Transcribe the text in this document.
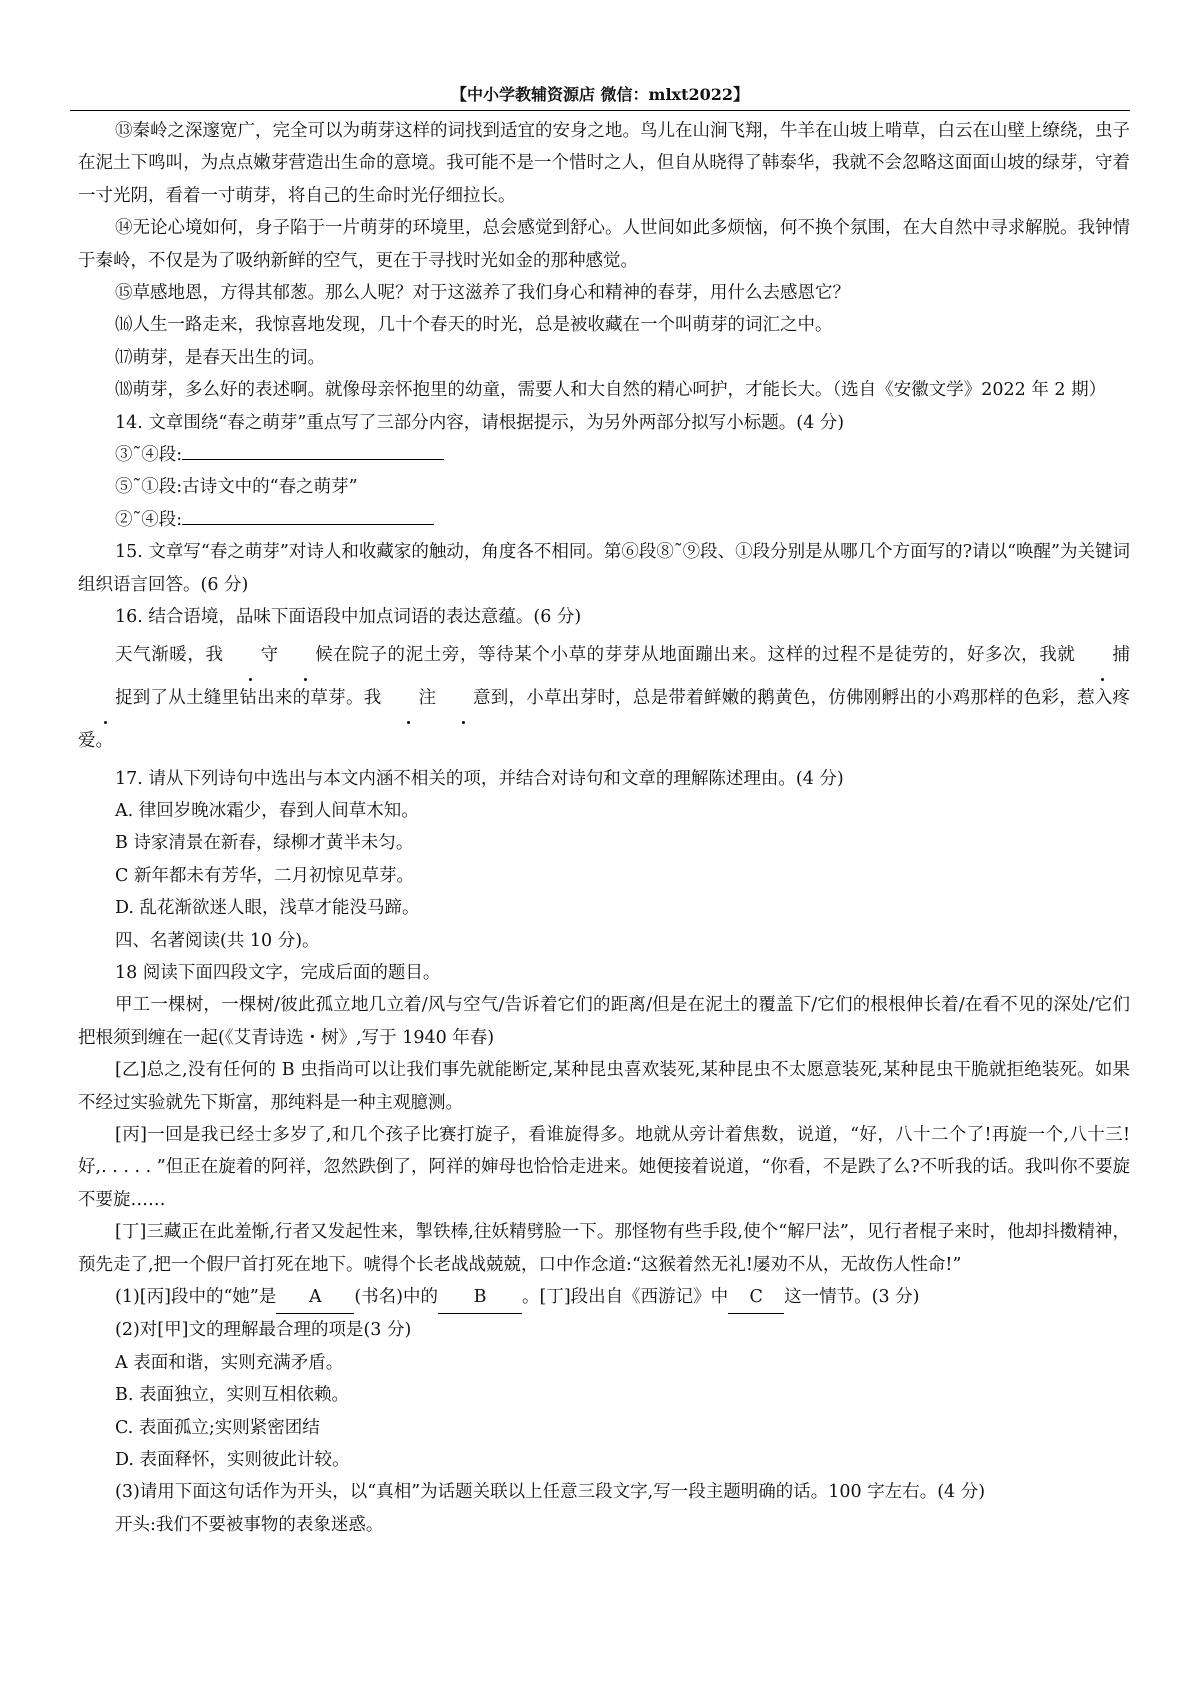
【中小学教辅资源店 微信：mlxt2022】

⑬秦岭之深邃宽广，完全可以为萌芽这样的词找到适宜的安身之地。鸟儿在山涧飞翔，牛羊在山坡上啃草，白云在山壁上缭绕，虫子在泥土下鸣叫，为点点嫩芽营造出生命的意境。我可能不是一个惜时之人，但自从晓得了韩泰华，我就不会忽略这面面山坡的绿芽，守着一寸光阴，看着一寸萌芽，将自己的生命时光仔细拉长。

⑭无论心境如何，身子陷于一片萌芽的环境里，总会感觉到舒心。人世间如此多烦恼，何不换个氛围，在大自然中寻求解脱。我钟情于秦岭，不仅是为了吸纳新鲜的空气，更在于寻找时光如金的那种感觉。

⑮草感地恩，方得其郁葱。那么人呢？对于这滋养了我们身心和精神的春芽，用什么去感恩它？

⒃人生一路走来，我惊喜地发现，几十个春天的时光，总是被收藏在一个叫萌芽的词汇之中。

⒄萌芽，是春天出生的词。

⒅萌芽，多么好的表述啊。就像母亲怀抱里的幼童，需要人和大自然的精心呵护，才能长大。（选自《安徽文学》2022 年 2 期）

14. 文章围绕“春之萌芽”重点写了三部分内容，请根据提示，为另外两部分拟写小标题。(4 分)

③˜④段:

⑤˜①段:古诗文中的“春之萌芽”

②˜④段:

15. 文章写“春之萌芽”对诗人和收藏家的触动，角度各不相同。第⑥段⑧˜⑨段、①段分别是从哪几个方面写的?请以“唤醒”为关键词组织语言回答。(6 分)

16. 结合语境，品味下面语段中加点词语的表达意蕴。(6 分)

天气渐暖，我 守 候在院子的泥土旁，等待某个小草的芽芽从地面蹦出来。这样的过程不是徒劳的，好多次，我就 捕捉到了从土缝里钻出来的草芽。我 注 意到，小草出芽时，总是带着鲜嫩的鹅黄色，仿佛刚孵出的小鸡那样的色彩，惹入疼爱。

17. 请从下列诗句中选出与本文内涵不相关的项，并结合对诗句和文章的理解陈述理由。(4 分)

A. 律回岁晚冰霜少，春到人间草木知。

B 诗家清景在新春，绿柳才黄半未匀。

C 新年都未有芳华，二月初惊见草芽。

D. 乱花渐欲迷人眼，浅草才能没马蹄。

四、名著阅读(共 10 分)。

18 阅读下面四段文字，完成后面的题目。

甲工一棵树，一棵树/彼此孤立地几立着/风与空气/告诉着它们的距离/但是在泥土的覆盖下/它们的根根伸长着/在看不见的深处/它们把根须到缠在一起(《艾青诗选・树》,写于 1940 年春)

[乙]总之,没有任何的 B 虫指尚可以让我们事先就能断定,某种昆虫喜欢装死,某种昆虫不太愿意装死,某种昆虫干脆就拒绝装死。如果不经过实验就先下斯富，那纯料是一种主观臆测。

[丙]一回是我已经士多岁了,和几个孩子比赛打旋子，看谁旋得多。地就从旁计着焦数，说道，“好，八十二个了!再旋一个,八十三!好,. . . . . ”但正在旋着的阿祥，忽然跌倒了，阿祥的婶母也恰恰走进来。她便接着说道，“你看，不是跌了么?不听我的话。我叫你不要旋不要旋……

[丁]三藏正在此羞惭,行者又发起性来，掣铁棒,往妖精劈脸一下。那怪物有些手段,使个“解尸法”，见行者棍子来时，他却抖擞精神，预先走了,把一个假尸首打死在地下。唬得个长老战战兢兢，口中作念道:“这猴着然无礼!屡劝不从，无故伤人性命!”

(1)[丙]段中的“她”是 A (书名)中的 B 。[丁]段出自《西游记》中 C 这一情节。(3 分)

(2)对[甲]文的理解最合理的项是(3 分)

A 表面和谐，实则充满矛盾。

B. 表面独立，实则互相依赖。

C. 表面孤立;实则紧密团结

D. 表面释怀，实则彼此计较。

(3)请用下面这句话作为开头，以“真相”为话题关联以上任意三段文字,写一段主题明确的话。100 字左右。(4 分)

开头:我们不要被事物的表象迷惑。
